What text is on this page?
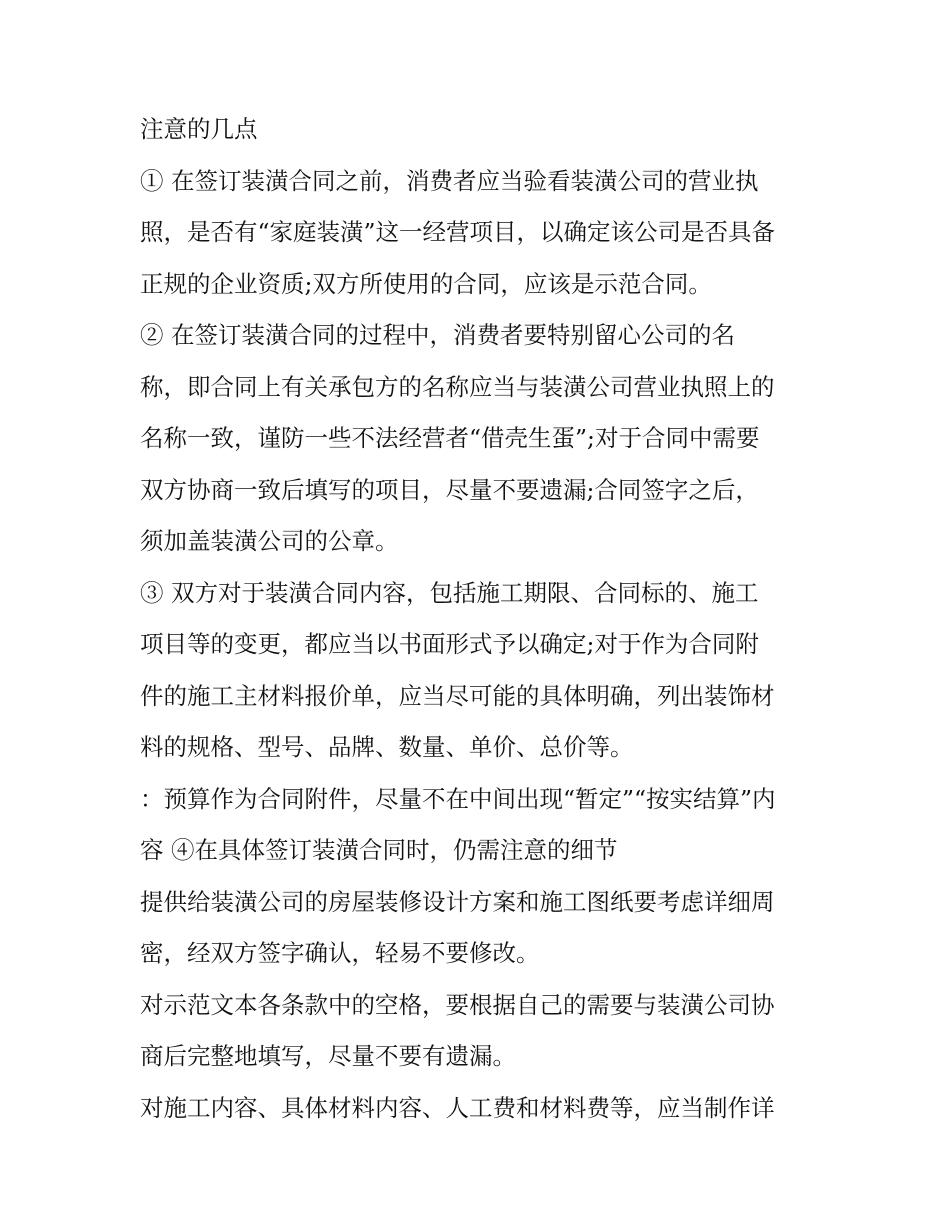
注意的几点
① 在签订装潢合同之前，消费者应当验看装潢公司的营业执
照，是否有“家庭装潢”这一经营项目，以确定该公司是否具备
正规的企业资质;双方所使用的合同，应该是示范合同。
② 在签订装潢合同的过程中，消费者要特别留心公司的名
称，即合同上有关承包方的名称应当与装潢公司营业执照上的
名称一致，谨防一些不法经营者“借壳生蛋”;对于合同中需要
双方协商一致后填写的项目，尽量不要遗漏;合同签字之后，
须加盖装潢公司的公章。
③ 双方对于装潢合同内容，包括施工期限、合同标的、施工
项目等的变更，都应当以书面形式予以确定;对于作为合同附
件的施工主材料报价单，应当尽可能的具体明确，列出装饰材
料的规格、型号、品牌、数量、单价、总价等。
：预算作为合同附件，尽量不在中间出现“暂定”“按实结算”内
容 ④在具体签订装潢合同时，仍需注意的细节
提供给装潢公司的房屋装修设计方案和施工图纸要考虑详细周
密，经双方签字确认，轻易不要修改。
对示范文本各条款中的空格，要根据自己的需要与装潢公司协
商后完整地填写，尽量不要有遗漏。
对施工内容、具体材料内容、人工费和材料费等，应当制作详
